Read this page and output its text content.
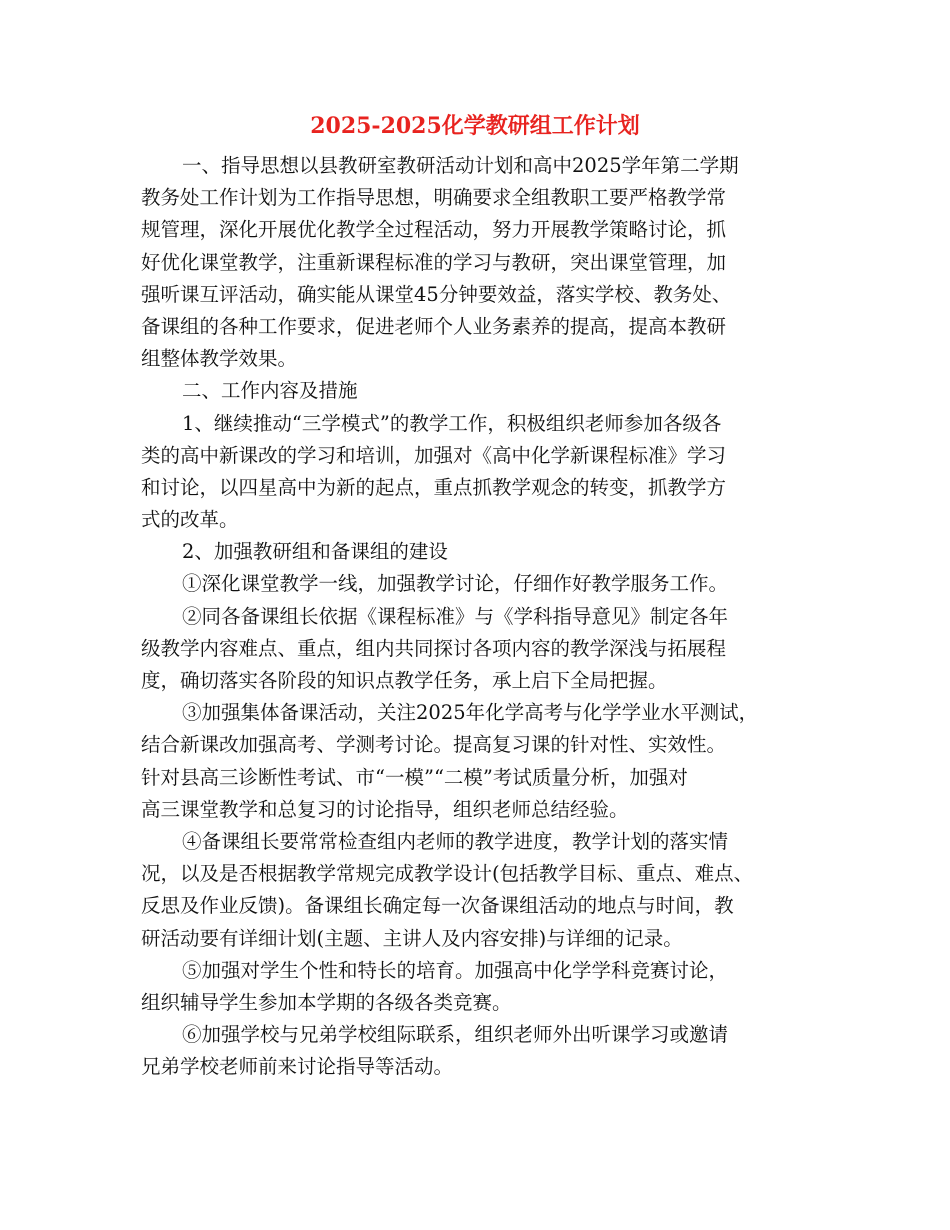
2025-2025化学教研组工作计划
一、指导思想以县教研室教研活动计划和高中2025学年第二学期
教务处工作计划为工作指导思想，明确要求全组教职工要严格教学常
规管理，深化开展优化教学全过程活动，努力开展教学策略讨论，抓
好优化课堂教学，注重新课程标准的学习与教研，突出课堂管理，加
强听课互评活动，确实能从课堂45分钟要效益，落实学校、教务处、
备课组的各种工作要求，促进老师个人业务素养的提高，提高本教研
组整体教学效果。
二、工作内容及措施
1、继续推动“三学模式”的教学工作，积极组织老师参加各级各
类的高中新课改的学习和培训，加强对《高中化学新课程标准》学习
和讨论，以四星高中为新的起点，重点抓教学观念的转变，抓教学方
式的改革。
2、加强教研组和备课组的建设
①深化课堂教学一线，加强教学讨论，仔细作好教学服务工作。
②同各备课组长依据《课程标准》与《学科指导意见》制定各年
级教学内容难点、重点，组内共同探讨各项内容的教学深浅与拓展程
度，确切落实各阶段的知识点教学任务，承上启下全局把握。
③加强集体备课活动，关注2025年化学高考与化学学业水平测试，
结合新课改加强高考、学测考讨论。提高复习课的针对性、实效性。
针对县高三诊断性考试、市“一模”“二模”考试质量分析，加强对
高三课堂教学和总复习的讨论指导，组织老师总结经验。
④备课组长要常常检查组内老师的教学进度，教学计划的落实情
况，以及是否根据教学常规完成教学设计(包括教学目标、重点、难点、
反思及作业反馈)。备课组长确定每一次备课组活动的地点与时间，教
研活动要有详细计划(主题、主讲人及内容安排)与详细的记录。
⑤加强对学生个性和特长的培育。加强高中化学学科竞赛讨论，
组织辅导学生参加本学期的各级各类竞赛。
⑥加强学校与兄弟学校组际联系，组织老师外出听课学习或邀请
兄弟学校老师前来讨论指导等活动。
